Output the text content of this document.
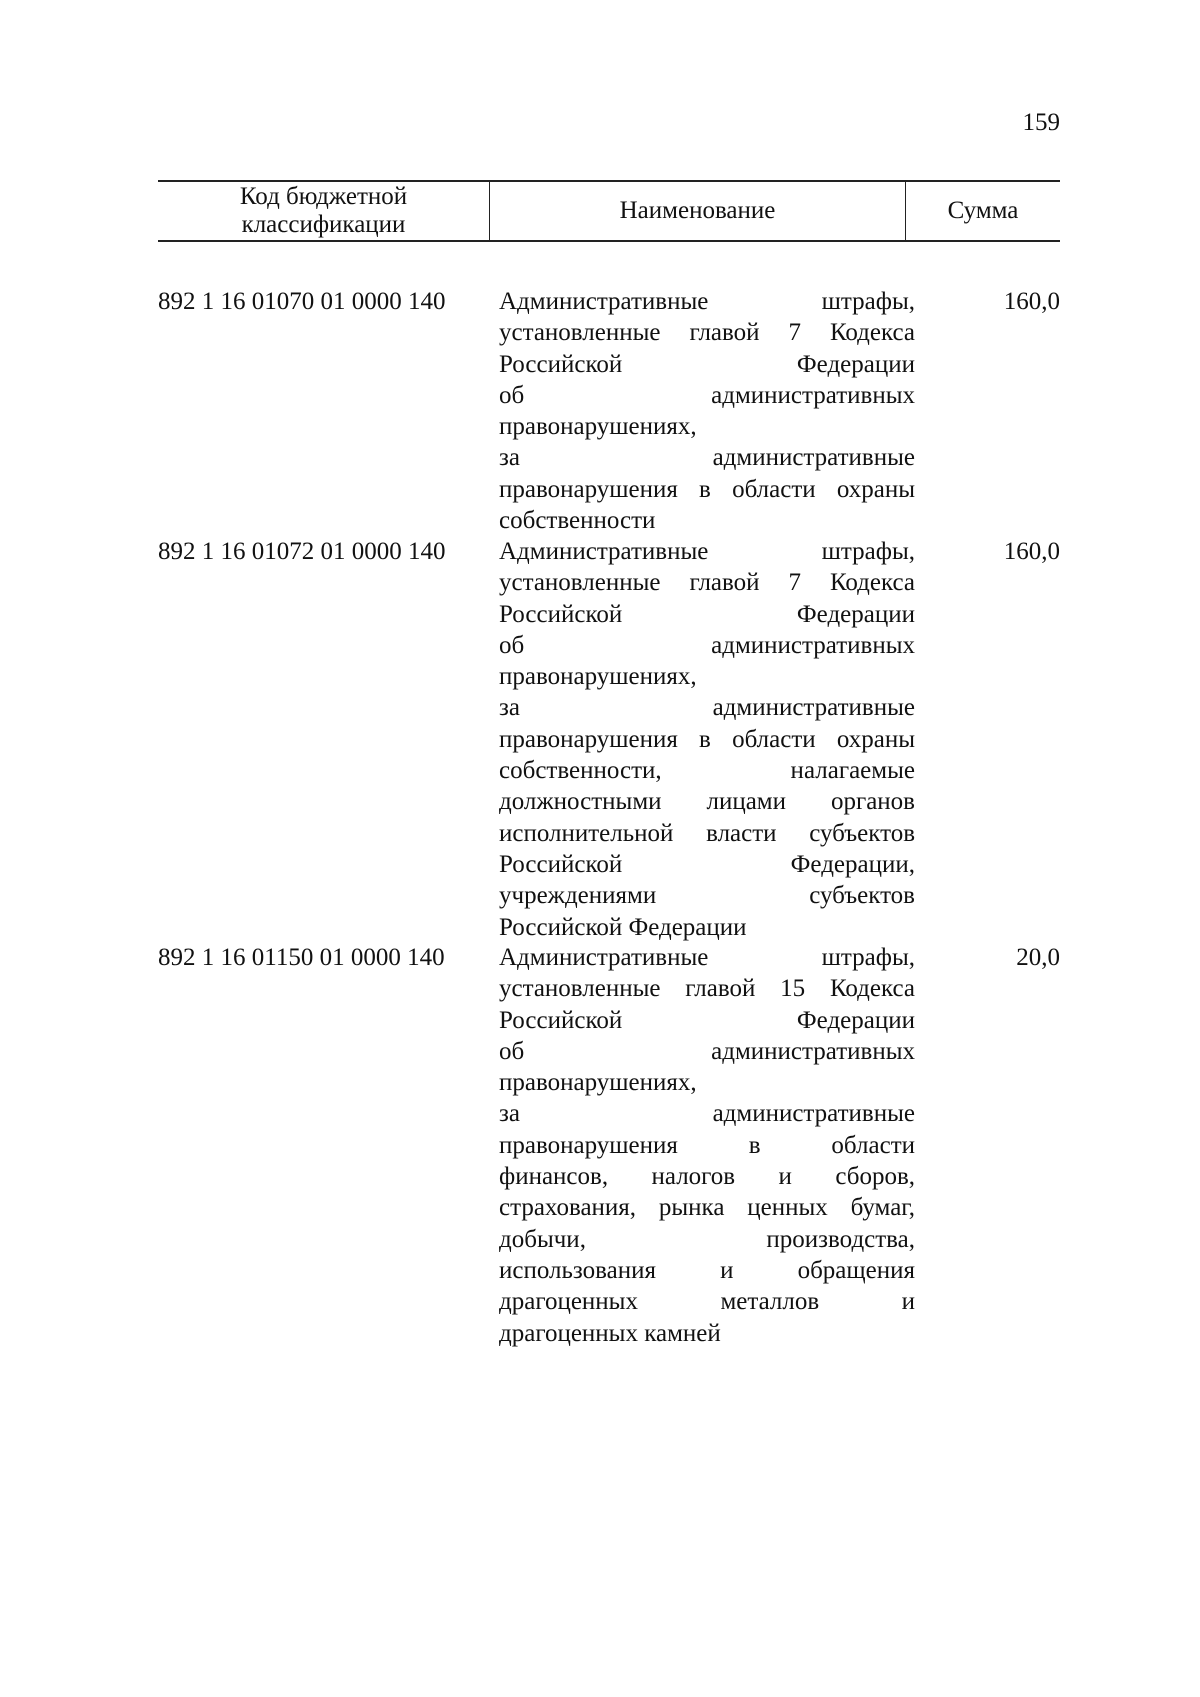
159
Код бюджетной классификации
Наименование	Сумма
892 1 16 01070 01 0000 140 Административные штрафы,
установленные главой 7 Кодекса
Российской Федерации
об административных
правонарушениях,
за административные
правонарушения в области охраны
собственности
160,0
892 1 16 01072 01 0000 140 Административные штрафы,
установленные главой 7 Кодекса
Российской Федерации
об административных
правонарушениях,
за административные
правонарушения в области охраны
собственности, налагаемые
должностными лицами органов
исполнительной власти субъектов
Российской Федерации,
учреждениями субъектов
Российской Федерации
160,0
892 1 16 01150 01 0000 140 Административные штрафы,
установленные главой 15 Кодекса
Российской Федерации
об административных
правонарушениях,
за административные
правонарушения в области
финансов, налогов и сборов,
страхования, рынка ценных бумаг,
добычи, производства,
использования и обращения
драгоценных металлов и
драгоценных камней
20,0
